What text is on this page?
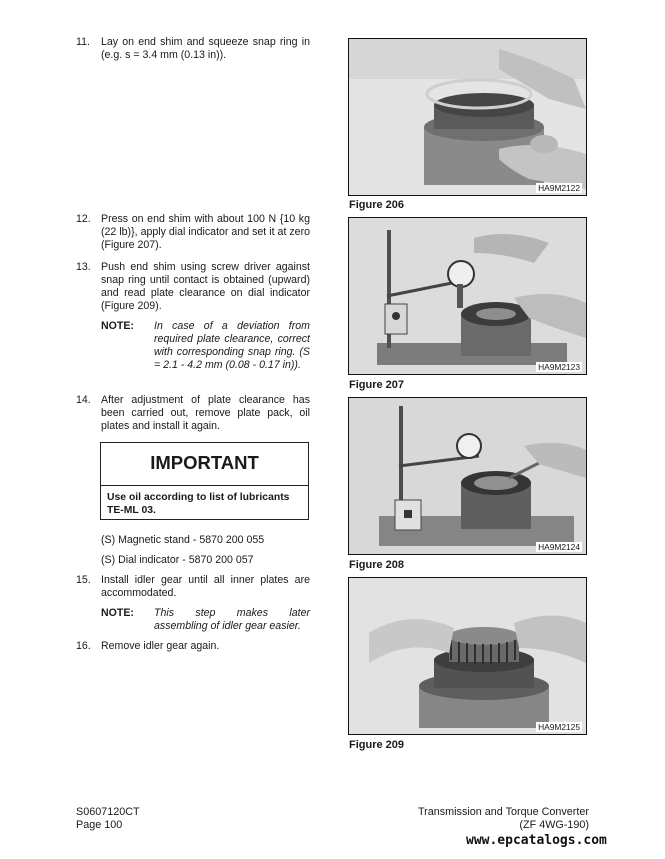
11. Lay on end shim and squeeze snap ring in (e.g. s = 3.4 mm (0.13 in)).
12. Press on end shim with about 100 N {10 kg (22 lb)}, apply dial indicator and set it at zero (Figure 207).
13. Push end shim using screw driver against snap ring until contact is obtained (upward) and read plate clearance on dial indicator (Figure 209).
NOTE: In case of a deviation from required plate clearance, correct with corresponding snap ring. (S = 2.1 - 4.2 mm (0.08 - 0.17 in)).
14. After adjustment of plate clearance has been carried out, remove plate pack, oil plates and install it again.
IMPORTANT
Use oil according to list of lubricants TE-ML 03.
(S) Magnetic stand - 5870 200 055
(S) Dial indicator - 5870 200 057
15. Install idler gear until all inner plates are accommodated.
NOTE: This step makes later assembling of idler gear easier.
16. Remove idler gear again.
HA9M2122
Figure 206
HA9M2123
Figure 207
HA9M2124
Figure 208
HA9M2125
Figure 209
S0607120CT
Page 100
Transmission and Torque Converter
(ZF 4WG-190)
www.epcatalogs.com
